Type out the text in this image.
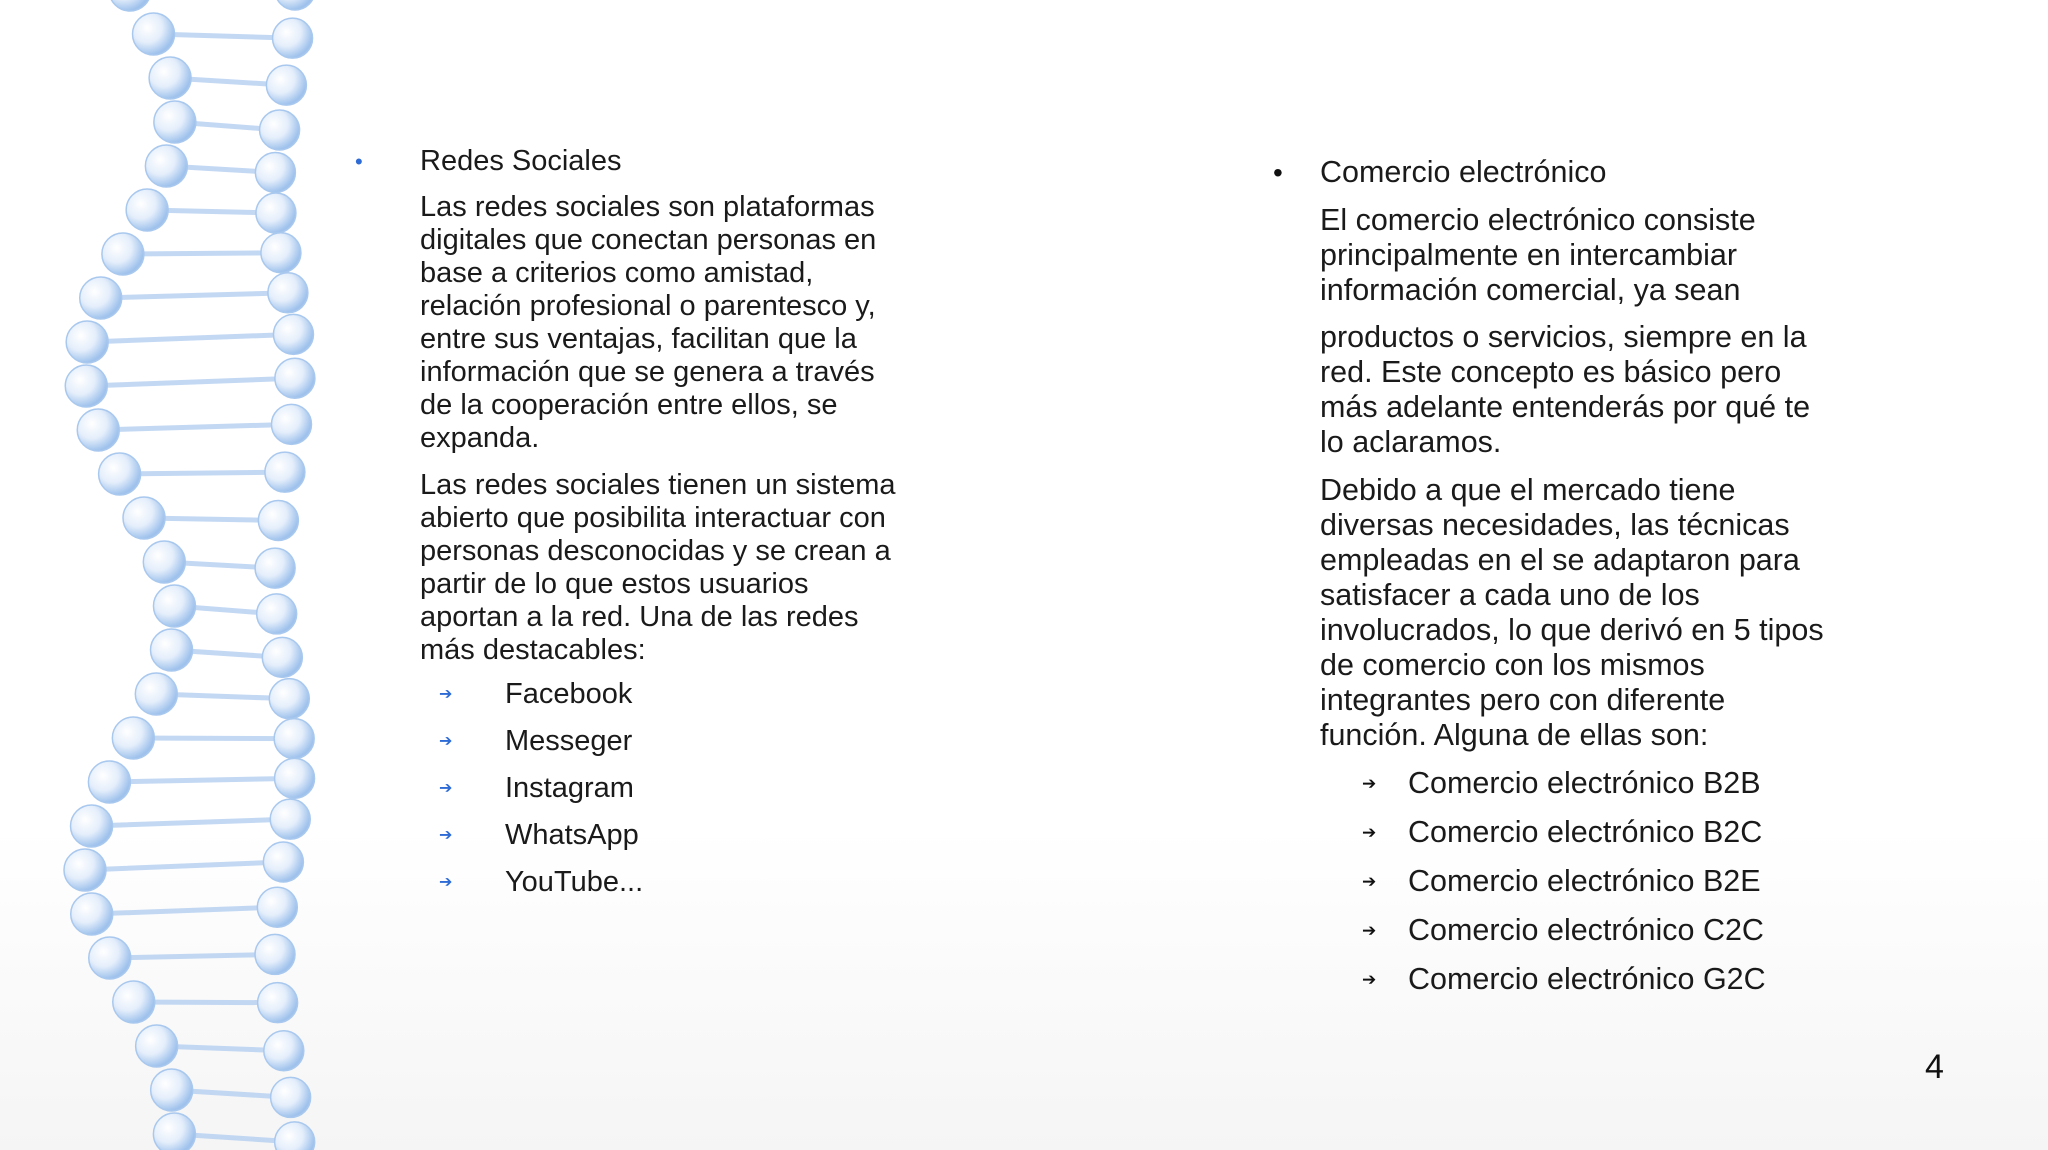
• Redes Sociales
Las redes sociales son plataformas
digitales que conectan personas en
base a criterios como amistad,
relación profesional o parentesco y,
entre sus ventajas, facilitan que la
información que se genera a través
de la cooperación entre ellos, se
expanda.
Las redes sociales tienen un sistema
abierto que posibilita interactuar con
personas desconocidas y se crean a
partir de lo que estos usuarios
aportan a la red. Una de las redes
más destacables:
➔ Facebook
➔ Messeger
➔ Instagram
➔ WhatsApp
➔ YouTube...
• Comercio electrónico
El comercio electrónico consiste
principalmente en intercambiar
información comercial, ya sean
productos o servicios, siempre en la
red. Este concepto es básico pero
más adelante entenderás por qué te
lo aclaramos.
Debido a que el mercado tiene
diversas necesidades, las técnicas
empleadas en el se adaptaron para
satisfacer a cada uno de los
involucrados, lo que derivó en 5 tipos
de comercio con los mismos
integrantes pero con diferente
función. Alguna de ellas son:
➔ Comercio electrónico B2B
➔ Comercio electrónico B2C
➔ Comercio electrónico B2E
➔ Comercio electrónico C2C
➔ Comercio electrónico G2C
4
